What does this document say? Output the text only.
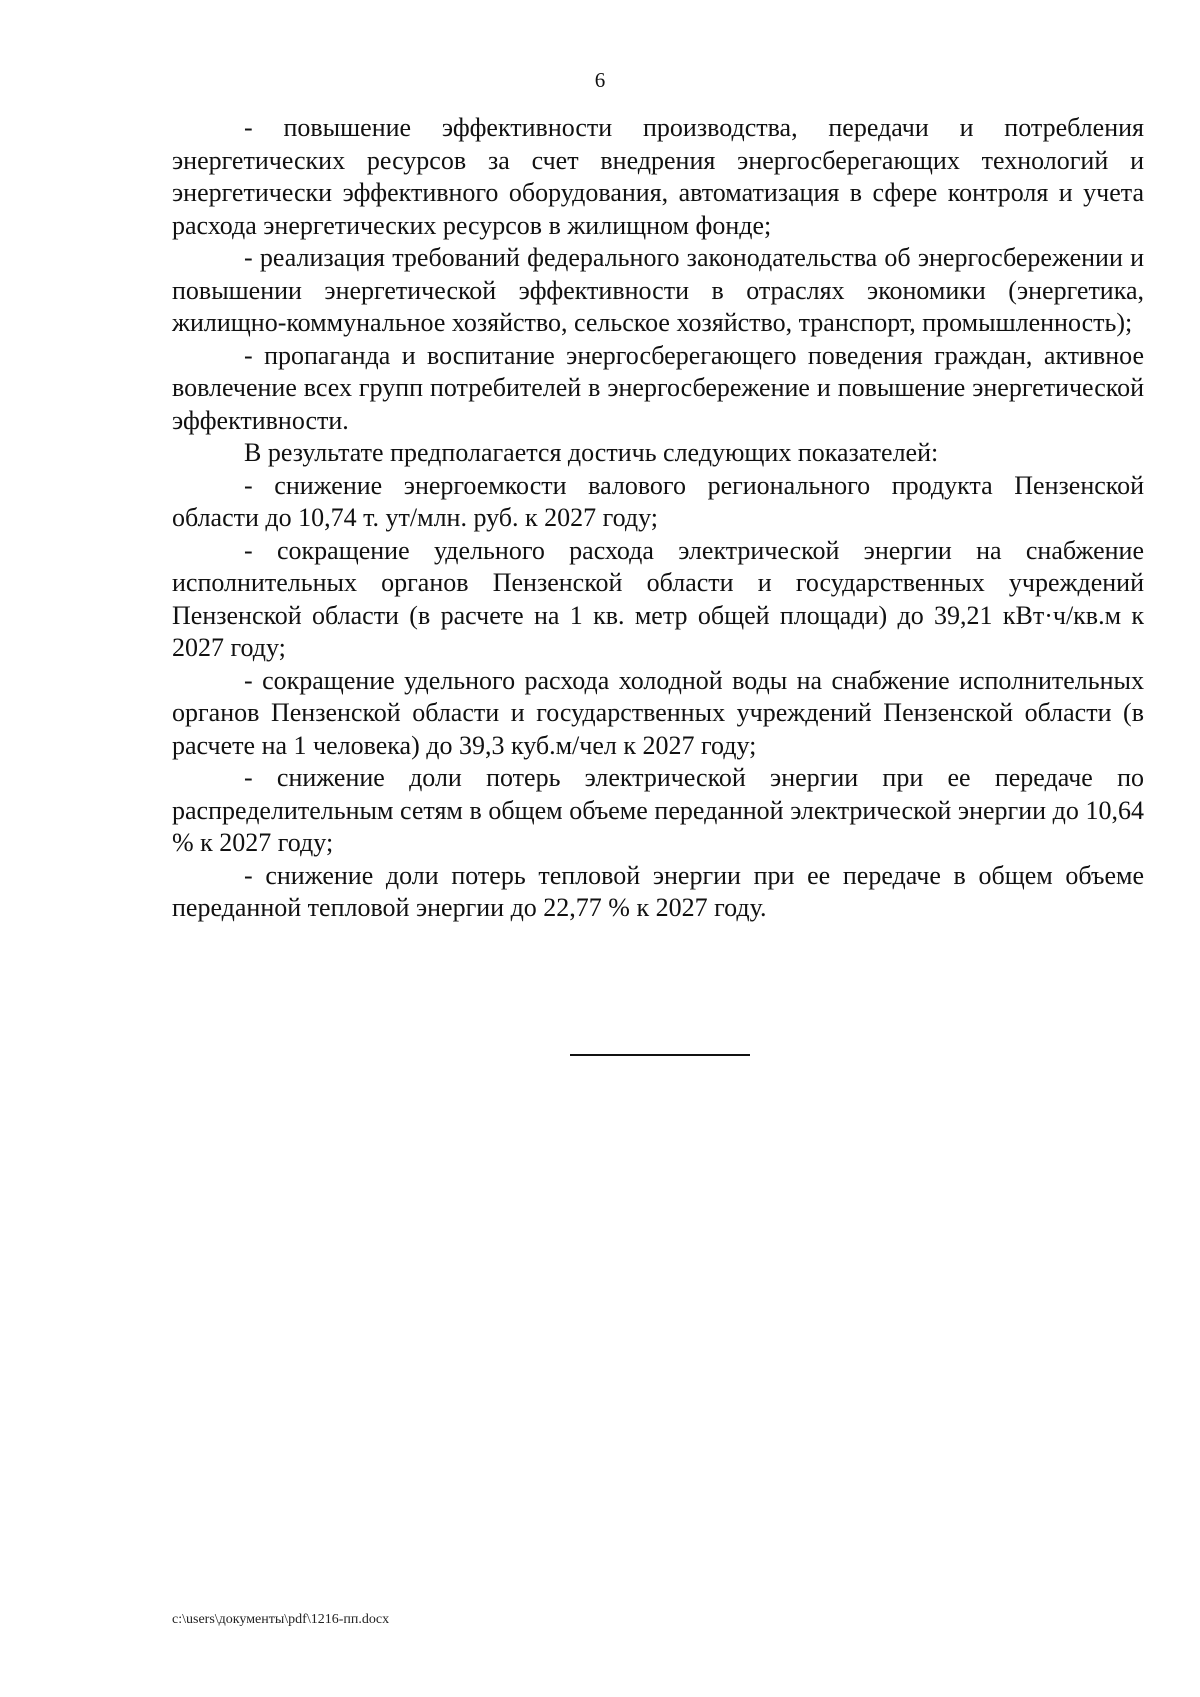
6

- повышение эффективности производства, передачи и потребления энергетических ресурсов за счет внедрения энергосберегающих технологий и энергетически эффективного оборудования, автоматизация в сфере контроля и учета расхода энергетических ресурсов в жилищном фонде;

- реализация требований федерального законодательства об энергосбережении и повышении энергетической эффективности в отраслях экономики (энергетика, жилищно-коммунальное хозяйство, сельское хозяйство, транспорт, промышленность);

- пропаганда и воспитание энергосберегающего поведения граждан, активное вовлечение всех групп потребителей в энергосбережение и повышение энергетической эффективности.

В результате предполагается достичь следующих показателей:

- снижение энергоемкости валового регионального продукта Пензенской области до 10,74 т. ут/млн. руб. к 2027 году;

- сокращение удельного расхода электрической энергии на снабжение исполнительных органов Пензенской области и государственных учреждений Пензенской области (в расчете на 1 кв. метр общей площади) до 39,21 кВт·ч/кв.м к 2027 году;

- сокращение удельного расхода холодной воды на снабжение исполнительных органов Пензенской области и государственных учреждений Пензенской области (в расчете на 1 человека) до 39,3 куб.м/чел к 2027 году;

- снижение доли потерь электрической энергии при ее передаче по распределительным сетям в общем объеме переданной электрической энергии до 10,64 % к 2027 году;

- снижение доли потерь тепловой энергии при ее передаче в общем объеме переданной тепловой энергии до 22,77 % к 2027 году.

c:\users\документы\pdf\1216-пп.docx
